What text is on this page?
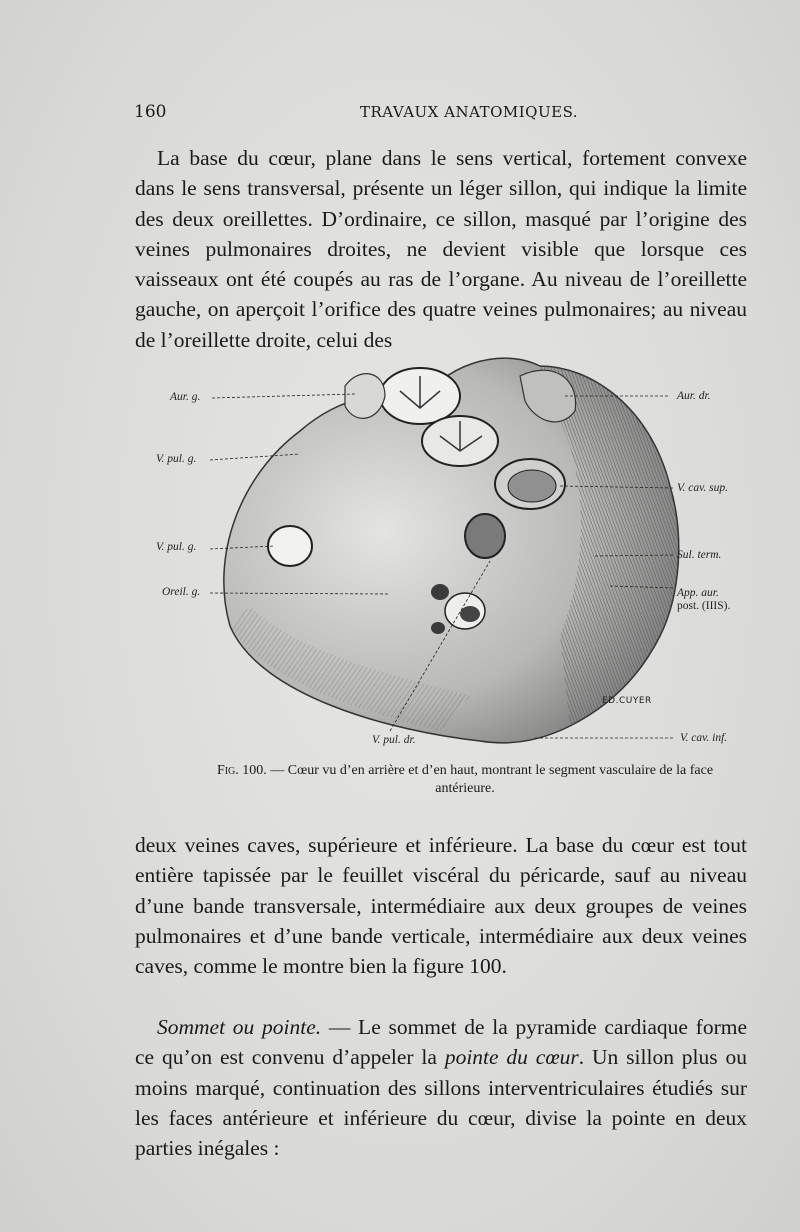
160	TRAVAUX ANATOMIQUES.

La base du cœur, plane dans le sens vertical, fortement convexe dans le sens transversal, présente un léger sillon, qui indique la limite des deux oreillettes. D’ordinaire, ce sillon, masqué par l’origine des veines pulmonaires droites, ne devient visible que lorsque ces vaisseaux ont été coupés au ras de l’organe. Au niveau de l’oreillette gauche, on aperçoit l’orifice des quatre veines pulmonaires; au niveau de l’oreillette droite, celui des

Aur. g.
V. pul. g.
V. pul. g.
Oreil. g.
V. pul. dr.
Aur. dr.
V. cav. sup.
Sul. term.
App. aur.
post. (IIIS).
V. cav. inf.
ED.CUYER
Fig. 100. — Cœur vu d’en arrière et d’en haut, montrant le segment vasculaire de la face antérieure.

deux veines caves, supérieure et inférieure. La base du cœur est tout entière tapissée par le feuillet viscéral du péricarde, sauf au niveau d’une bande transversale, intermédiaire aux deux groupes de veines pulmonaires et d’une bande verticale, intermédiaire aux deux veines caves, comme le montre bien la figure 100.

Sommet ou pointe. — Le sommet de la pyramide cardiaque forme ce qu’on est convenu d’appeler la pointe du cœur. Un sillon plus ou moins marqué, continuation des sillons interventriculaires étudiés sur les faces antérieure et inférieure du cœur, divise la pointe en deux parties inégales :
